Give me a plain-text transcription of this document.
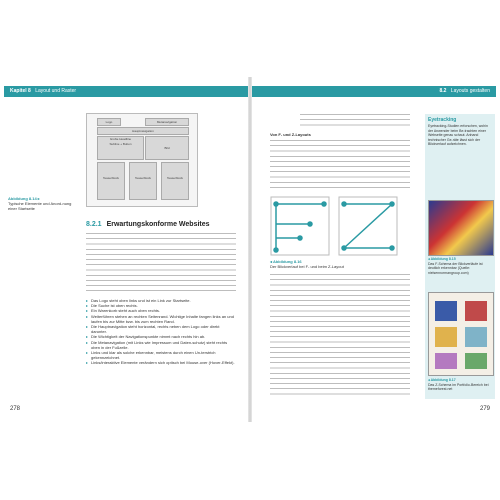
Kapitel 8 Layout und Raster	8.2 Layouts gestalten
Logo	Metanavigation
Hauptnavigation
Große Headline
Subline + Button
Bild
Teaserblock	Teaserblock	Teaserblock
Abbildung 8.14 ▸
Typische Elemente und Anord-nung einer Startseite
8.2.1 Erwartungskonforme Websites
▸ Das Logo steht oben links und ist ein Link zur Startseite.
▸ Die Suche ist oben rechts.
▸ Ein Warenkorb steht auch oben rechts.
▸ Weiterführen stehen an rechten Seitenrand. Wichtige Inhalte fangen links an und laufen bis zur Mitte bzw. bis zum rechten Rand.
▸ Die Hauptnavigation steht horizontal, rechts neben dem Logo oder direkt darunter.
▸ Die Wichtigkeit der Navigationspunkte nimmt nach rechts hin ab.
▸ Die Metanavigation (mit Links wie Impressum und Daten-schutz) steht rechts oben in der Fußzeile.
▸ Links und klar als solche erkennbar, meistens durch einen Un-terstrich gekennzeichnet.
▸ Links/interaktive Elemente verändern sich optisch bei Mouse-over (Hover-Effekt).
278
Von F- und Z-Layouts
◂ Abbildung 8.16
Der Blickverlauf bei F- und beim Z-Layout
Eyetracking
Eyetracking-Studien erforschen, wohin der Anwender beim Be-trachten einer Webseite genau schaut. Anhand technischer Ge-räte lässt sich der Blickverlauf aufzeichnen.
◂ Abbildung 8.15
Das F-Schema der Blickverläufe ist deutlich erkennbar (Quelle: nielsennormangroup.com)
◂ Abbildung 8.17
Das Z-Schema im Portfolio-Bereich bei themeforest.net
279
